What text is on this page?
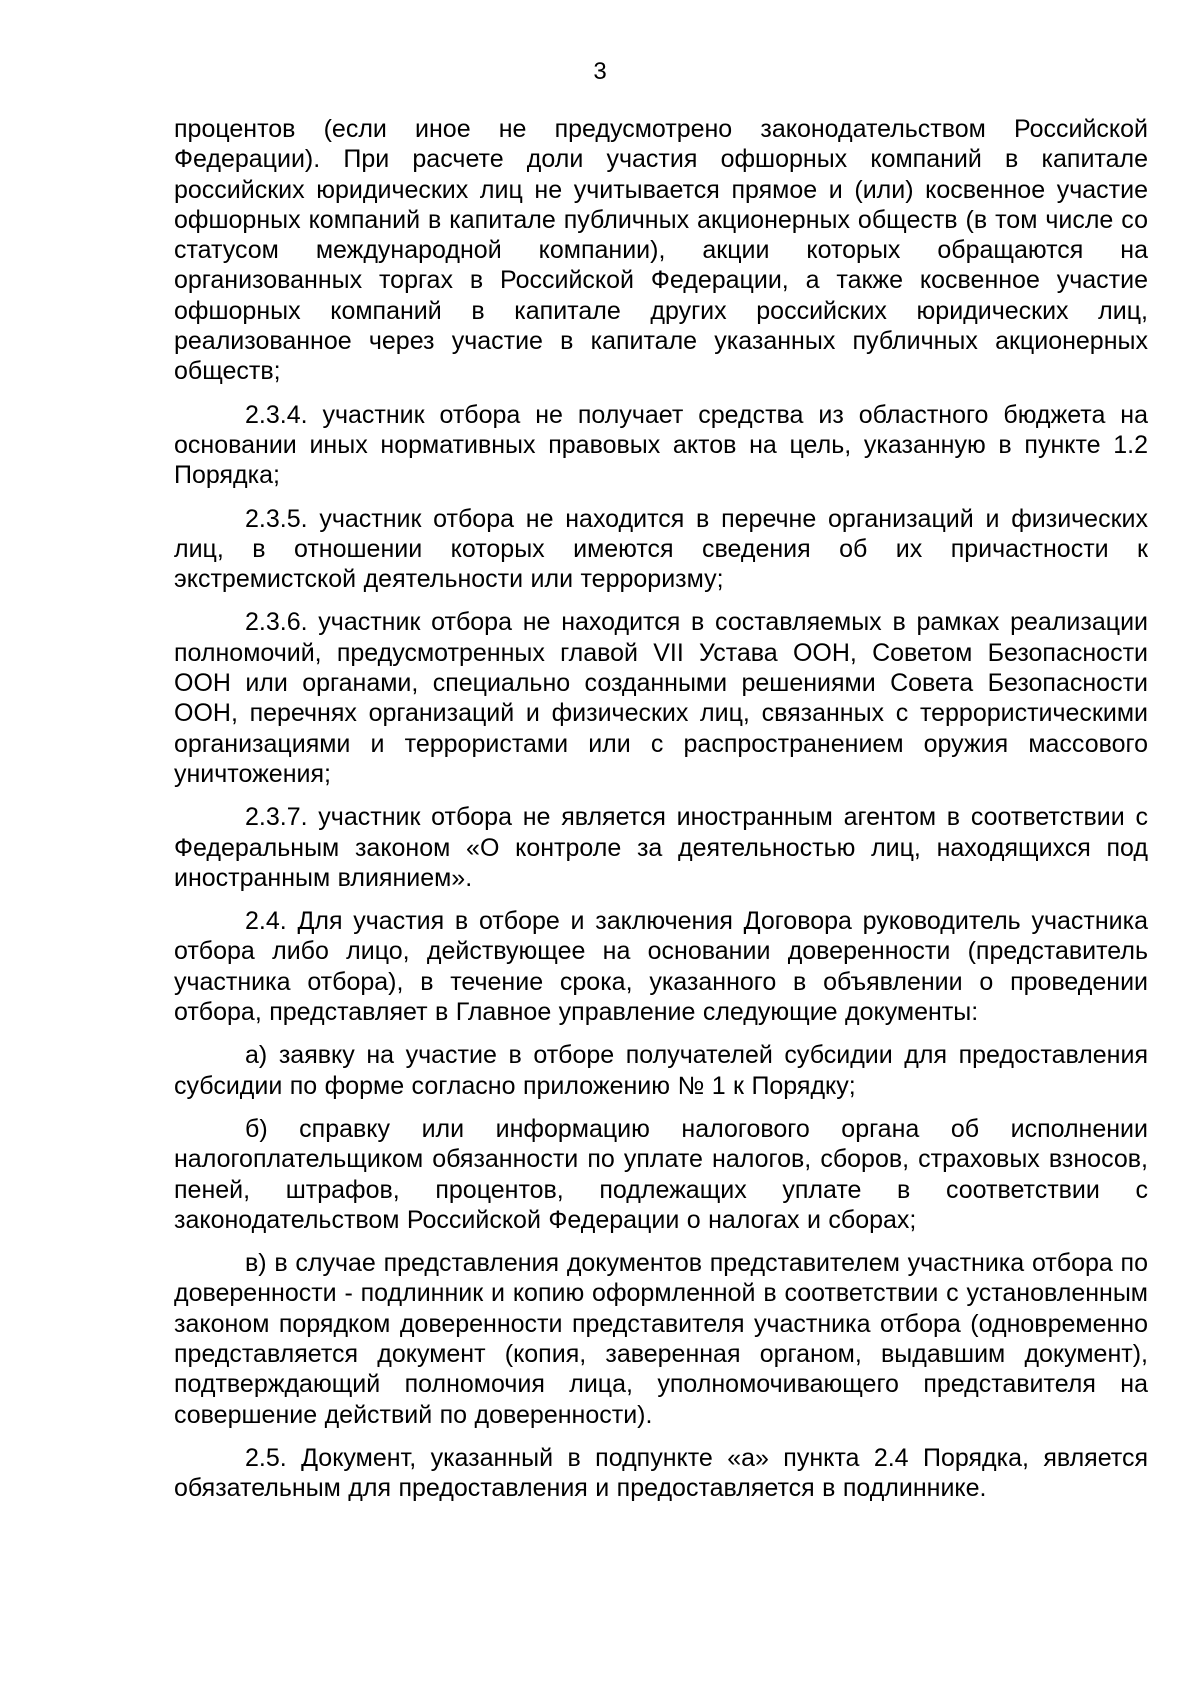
3

процентов (если иное не предусмотрено законодательством Российской Федерации). При расчете доли участия офшорных компаний в капитале российских юридических лиц не учитывается прямое и (или) косвенное участие офшорных компаний в капитале публичных акционерных обществ (в том числе со статусом международной компании), акции которых обращаются на организованных торгах в Российской Федерации, а также косвенное участие офшорных компаний в капитале других российских юридических лиц, реализованное через участие в капитале указанных публичных акционерных обществ;

2.3.4. участник отбора не получает средства из областного бюджета на основании иных нормативных правовых актов на цель, указанную в пункте 1.2 Порядка;

2.3.5. участник отбора не находится в перечне организаций и физических лиц, в отношении которых имеются сведения об их причастности к экстремистской деятельности или терроризму;

2.3.6. участник отбора не находится в составляемых в рамках реализации полномочий, предусмотренных главой VII Устава ООН, Советом Безопасности ООН или органами, специально созданными решениями Совета Безопасности ООН, перечнях организаций и физических лиц, связанных с террористическими организациями и террористами или с распространением оружия массового уничтожения;

2.3.7. участник отбора не является иностранным агентом в соответствии с Федеральным законом «О контроле за деятельностью лиц, находящихся под иностранным влиянием».

2.4. Для участия в отборе и заключения Договора руководитель участника отбора либо лицо, действующее на основании доверенности (представитель участника отбора), в течение срока, указанного в объявлении о проведении отбора, представляет в Главное управление следующие документы:

а) заявку на участие в отборе получателей субсидии для предоставления субсидии по форме согласно приложению № 1 к Порядку;

б) справку или информацию налогового органа об исполнении налогоплательщиком обязанности по уплате налогов, сборов, страховых взносов, пеней, штрафов, процентов, подлежащих уплате в соответствии с законодательством Российской Федерации о налогах и сборах;

в) в случае представления документов представителем участника отбора по доверенности - подлинник и копию оформленной в соответствии с установленным законом порядком доверенности представителя участника отбора (одновременно представляется документ (копия, заверенная органом, выдавшим документ), подтверждающий полномочия лица, уполномочивающего представителя на совершение действий по доверенности).

2.5. Документ, указанный в подпункте «а» пункта 2.4 Порядка, является обязательным для предоставления и предоставляется в подлиннике.
